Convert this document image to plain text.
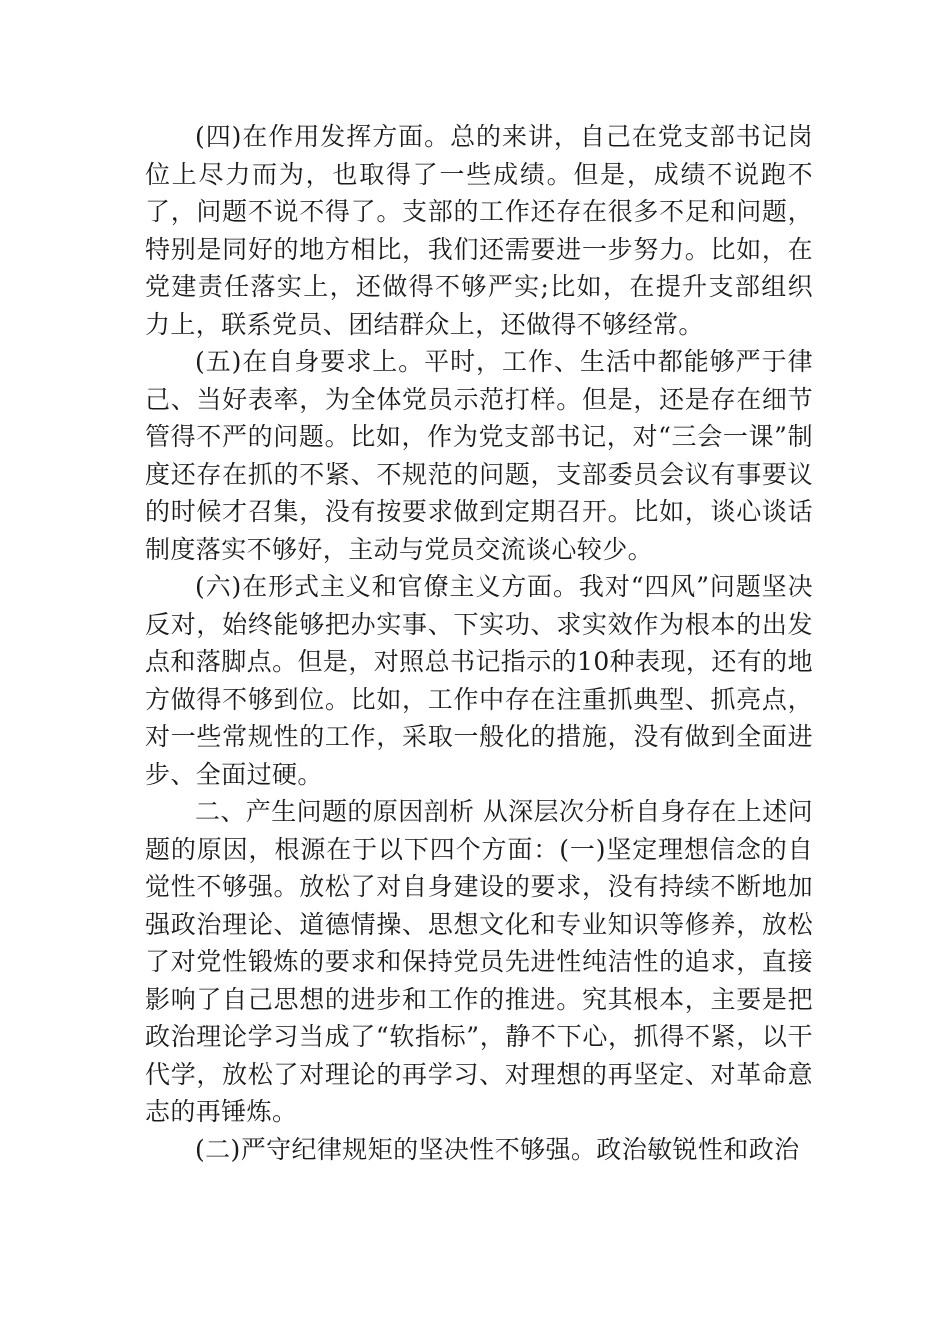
(四)在作用发挥方面。总的来讲，自己在党支部书记岗位上尽力而为，也取得了一些成绩。但是，成绩不说跑不了，问题不说不得了。支部的工作还存在很多不足和问题，特别是同好的地方相比，我们还需要进一步努力。比如，在党建责任落实上，还做得不够严实;比如，在提升支部组织力上，联系党员、团结群众上，还做得不够经常。

(五)在自身要求上。平时，工作、生活中都能够严于律己、当好表率，为全体党员示范打样。但是，还是存在细节管得不严的问题。比如，作为党支部书记，对“三会一课”制度还存在抓的不紧、不规范的问题，支部委员会议有事要议的时候才召集，没有按要求做到定期召开。比如，谈心谈话制度落实不够好，主动与党员交流谈心较少。

(六)在形式主义和官僚主义方面。我对“四风”问题坚决反对，始终能够把办实事、下实功、求实效作为根本的出发点和落脚点。但是，对照总书记指示的10种表现，还有的地方做得不够到位。比如，工作中存在注重抓典型、抓亮点，对一些常规性的工作，采取一般化的措施，没有做到全面进步、全面过硬。

二、产生问题的原因剖析 从深层次分析自身存在上述问题的原因，根源在于以下四个方面：(一)坚定理想信念的自觉性不够强。放松了对自身建设的要求，没有持续不断地加强政治理论、道德情操、思想文化和专业知识等修养，放松了对党性锻炼的要求和保持党员先进性纯洁性的追求，直接影响了自己思想的进步和工作的推进。究其根本，主要是把政治理论学习当成了“软指标”，静不下心，抓得不紧，以干代学，放松了对理论的再学习、对理想的再坚定、对革命意志的再锤炼。

(二)严守纪律规矩的坚决性不够强。政治敏锐性和政治
